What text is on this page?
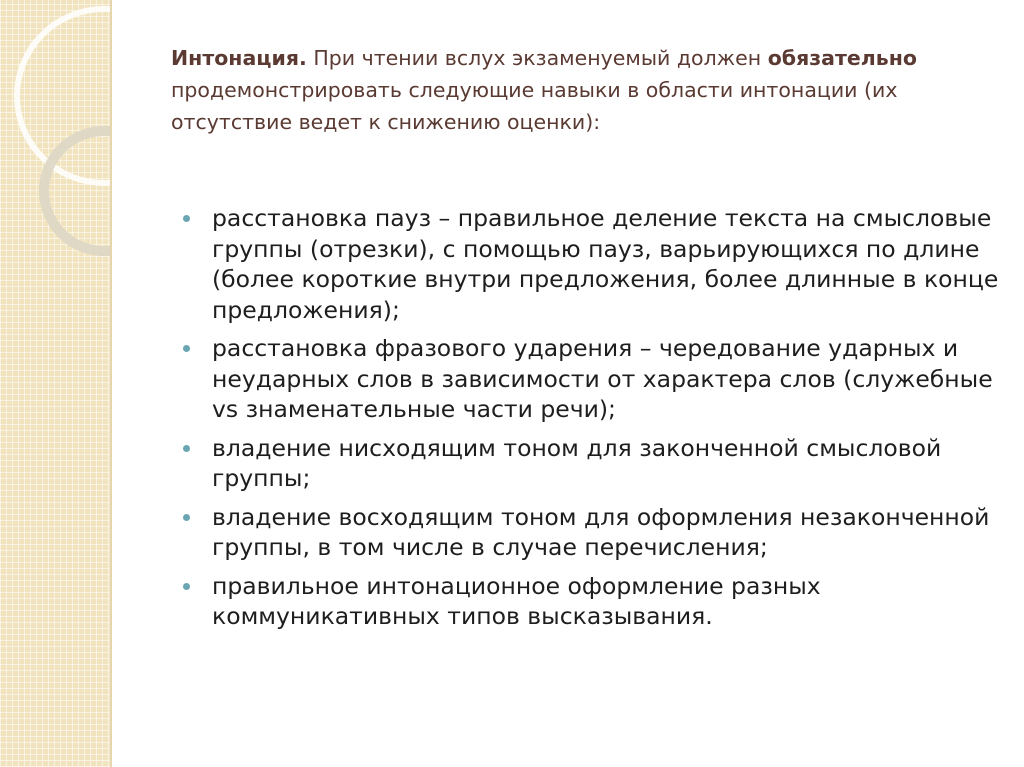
Интонация. При чтении вслух экзаменуемый должен обязательно продемонстрировать следующие навыки в области интонации (их отсутствие ведет к снижению оценки):
расстановка пауз – правильное деление текста на смысловые группы (отрезки), с помощью пауз, варьирующихся по длине (более короткие внутри предложения, более длинные в конце предложения);
расстановка фразового ударения – чередование ударных и неударных слов в зависимости от характера слов (служебные vs знаменательные части речи);
владение нисходящим тоном для законченной смысловой группы;
владение восходящим тоном для оформления незаконченной группы, в том числе в случае перечисления;
правильное интонационное оформление разных коммуникативных типов высказывания.
